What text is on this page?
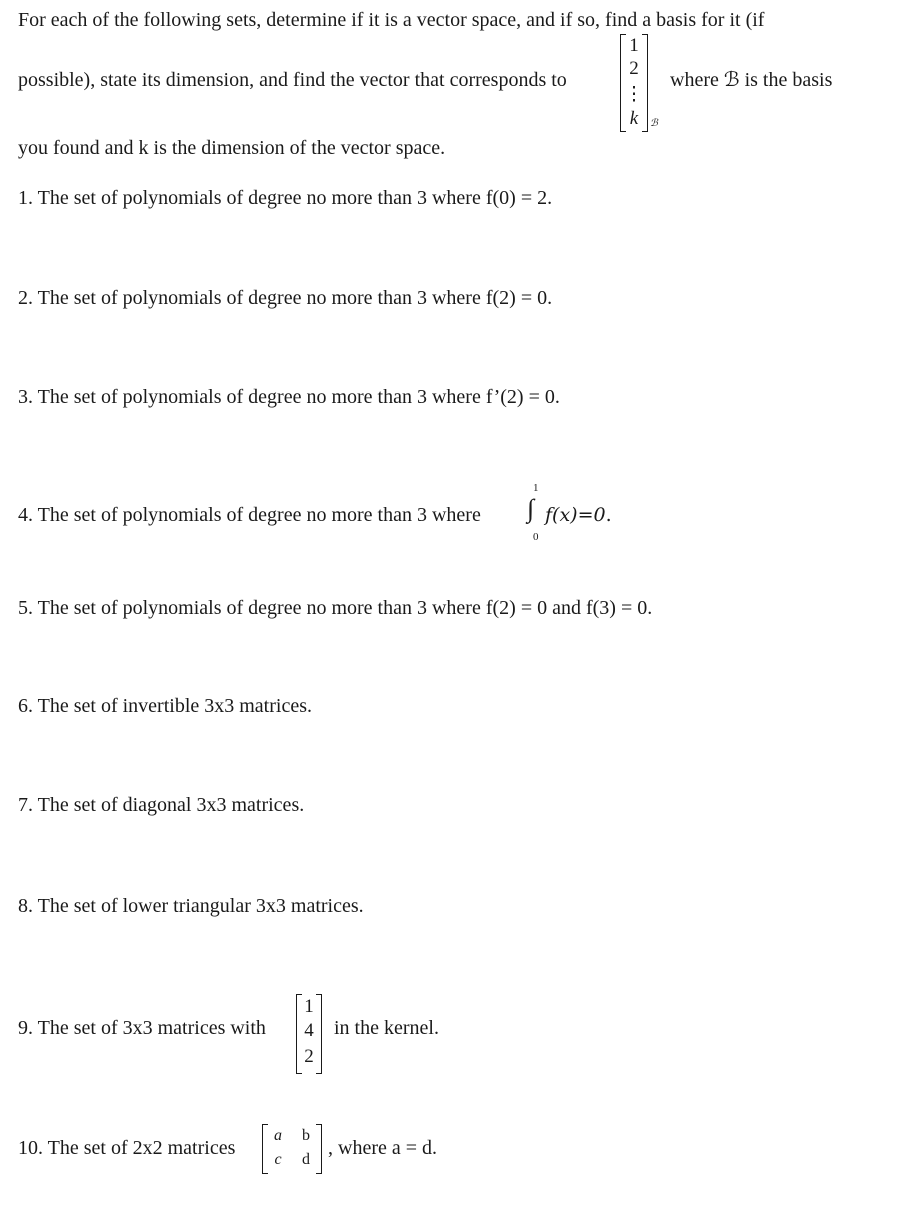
For each of the following sets, determine if it is a vector space, and if so, find a basis for it (if
possible), state its dimension, and find the vector that corresponds to
1
2
⋮
k	ℬ
where ℬ is the basis
you found and k is the dimension of the vector space.
1. The set of polynomials of degree no more than 3 where f(0) = 2.
2. The set of polynomials of degree no more than 3 where f(2) = 0.
3. The set of polynomials of degree no more than 3 where f’(2) = 0.
4. The set of polynomials of degree no more than 3 where
1
∫
0
f(x)=0.
5. The set of polynomials of degree no more than 3 where f(2) = 0 and f(3) = 0.
6. The set of invertible 3x3 matrices.
7. The set of diagonal 3x3 matrices.
8. The set of lower triangular 3x3 matrices.
9. The set of 3x3 matrices with
1
4
2
in the kernel.
10. The set of 2x2 matrices
a	b
c	d
, where a = d.
